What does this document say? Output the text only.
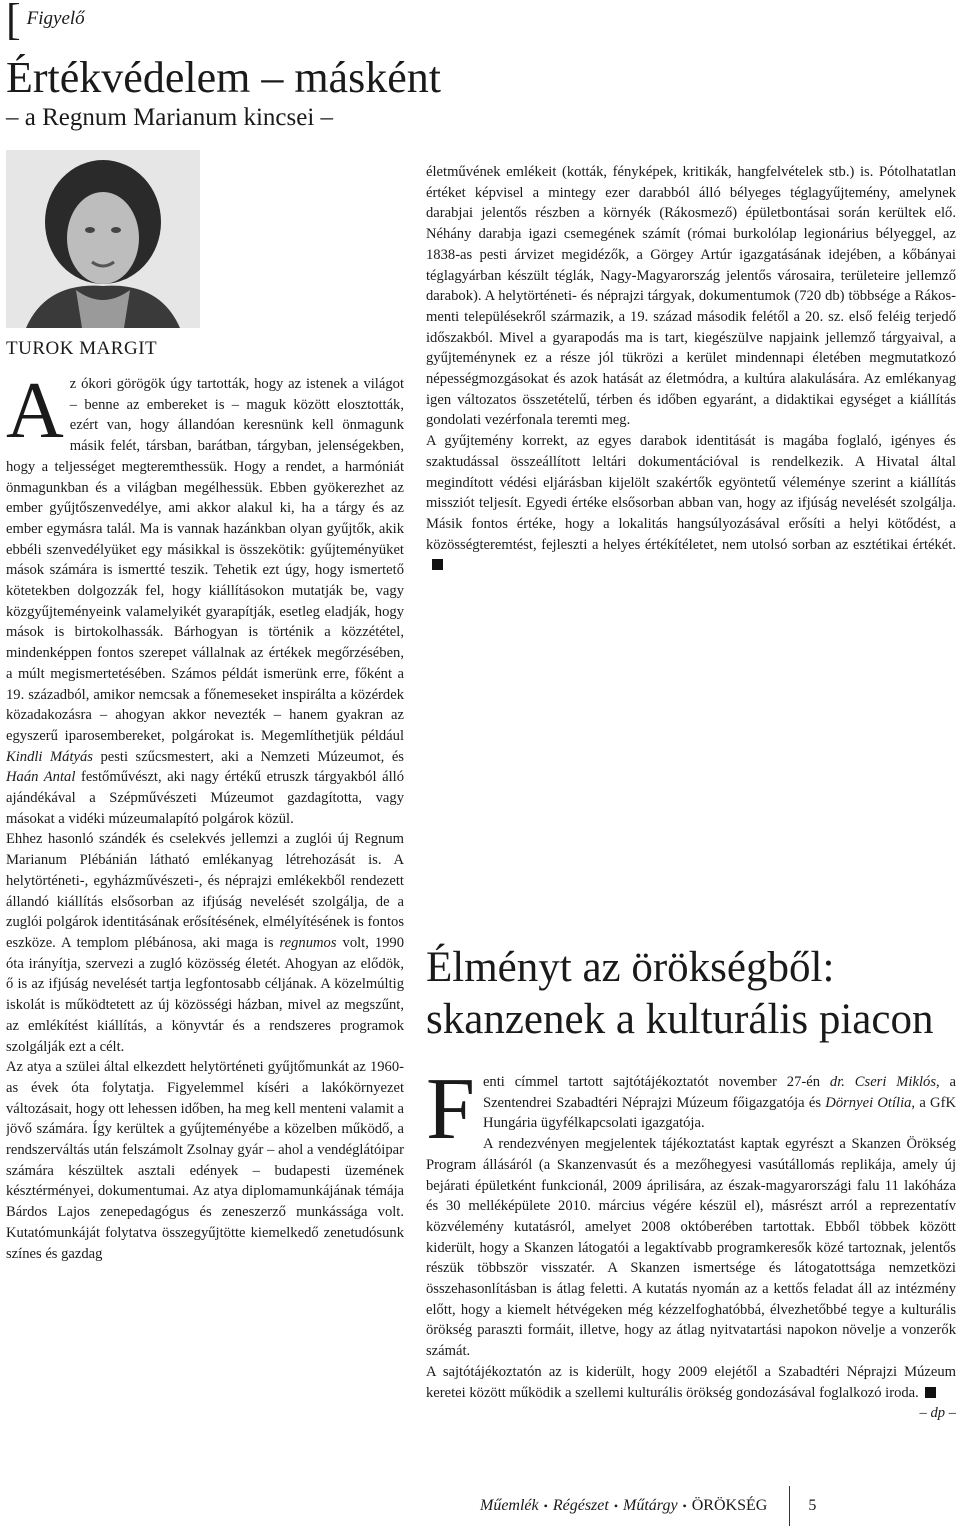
[ Figyelő
Értékvédelem – másként
– a Regnum Marianum kincsei –
TUROK MARGIT

Az ókori görögök úgy tartották, hogy az istenek a világot – benne az embereket is – maguk között elosztották, ezért van, hogy állandóan keresnünk kell önmagunk másik felét, társban, barátban, tárgyban, jelenségekben, hogy a teljességet megteremthessük. Hogy a rendet, a harmóniát önmagunkban és a világban megélhessük. Ebben gyökerezhet az ember gyűjtőszenvedélye, ami akkor alakul ki, ha a tárgy és az ember egymásra talál. Ma is vannak hazánkban olyan gyűjtők, akik ebbéli szenvedélyüket egy másikkal is összekötik: gyűjteményüket mások számára is ismertté teszik. Tehetik ezt úgy, hogy ismertető kötetekben dolgozzák fel, hogy kiállításokon mutatják be, vagy közgyűjteményeink valamelyikét gyarapítják, esetleg eladják, hogy mások is birtokolhassák. Bárhogyan is történik a közzététel, mindenképpen fontos szerepet vállalnak az értékek megőrzésében, a múlt megismertetésében. Számos példát ismerünk erre, főként a 19. századból, amikor nemcsak a főnemeseket inspirálta a közérdek közadakozásra – ahogyan akkor nevezték – hanem gyakran az egyszerű iparosembereket, polgárokat is. Megemlíthetjük például Kindli Mátyás pesti szűcsmestert, aki a Nemzeti Múzeumot, és Haán Antal festőművészt, aki nagy értékű etruszk tárgyakból álló ajándékával a Szépművészeti Múzeumot gazdagította, vagy másokat a vidéki múzeumalapító polgárok közül.

Ehhez hasonló szándék és cselekvés jellemzi a zuglói új Regnum Marianum Plébánián látható emlékanyag létrehozását is. A helytörténeti-, egyházművészeti-, és néprajzi emlékekből rendezett állandó kiállítás elsősorban az ifjúság nevelését szolgálja, de a zuglói polgárok identitásának erősítésének, elmélyítésének is fontos eszköze. A templom plébánosa, aki maga is regnumos volt, 1990 óta irányítja, szervezi a zugló közösség életét. Ahogyan az elődök, ő is az ifjúság nevelését tartja legfontosabb céljának. A közelmúltig iskolát is működtetett az új közösségi házban, mivel az megszűnt, az emlékítést kiállítás, a könyvtár és a rendszeres programok szolgálják ezt a célt.

Az atya a szülei által elkezdett helytörténeti gyűjtőmunkát az 1960-as évek óta folytatja. Figyelemmel kíséri a lakókörnyezet változásait, hogy ott lehessen időben, ha meg kell menteni valamit a jövő számára. Így kerültek a gyűjteményébe a közelben működő, a rendszerváltás után felszámolt Zsolnay gyár – ahol a vendéglátóipar számára készültek asztali edények – budapesti üzemének késztérményei, dokumentumai. Az atya diplomamunkájának témája Bárdos Lajos zenepedagógus és zeneszerző munkássága volt. Kutatómunkáját folytatva összegyűjtötte kiemelkedő zenetudósunk színes és gazdag

életművének emlékeit (kották, fényképek, kritikák, hangfelvételek stb.) is. Pótolhatatlan értéket képvisel a mintegy ezer darabból álló bélyeges téglagyűjtemény, amelynek darabjai jelentős részben a környék (Rákosmező) épületbontásai során kerültek elő. Néhány darabja igazi csemegének számít (római burkolólap legionárius bélyeggel, az 1838-as pesti árvizet megidézők, a Görgey Artúr igazgatásának idejében, a kőbányai téglagyárban készült téglák, Nagy-Magyarország jelentős városaira, területeire jellemző darabok). A helytörténeti- és néprajzi tárgyak, dokumentumok (720 db) többsége a Rákos-menti településekről származik, a 19. század második felétől a 20. sz. első feléig terjedő időszakból. Mivel a gyarapodás ma is tart, kiegészülve napjaink jellemző tárgyaival, a gyűjteménynek ez a része jól tükrözi a kerület mindennapi életében megmutatkozó népességmozgásokat és azok hatását az életmódra, a kultúra alakulására. Az emlékanyag igen változatos összetételű, térben és időben egyaránt, a didaktikai egységet a kiállítás gondolati vezérfonala teremti meg.

A gyűjtemény korrekt, az egyes darabok identitását is magába foglaló, igényes és szaktudással összeállított leltári dokumentációval is rendelkezik. A Hivatal által megindított védési eljárásban kijelölt szakértők egyöntetű véleménye szerint a kiállítás missziót teljesít. Egyedi értéke elsősorban abban van, hogy az ifjúság nevelését szolgálja. Másik fontos értéke, hogy a lokalitás hangsúlyozásával erősíti a helyi kötődést, a közösségteremtést, fejleszti a helyes értékítéletet, nem utolsó sorban az esztétikai értékét.

Élményt az örökségből:
skanzenek a kulturális piacon

Fenti címmel tartott sajtótájékoztatót november 27-én dr. Cseri Miklós, a Szentendrei Szabadtéri Néprajzi Múzeum főigazgatója és Dörnyei Otília, a GfK Hungária ügyfélkapcsolati igazgatója.

A rendezvényen megjelentek tájékoztatást kaptak egyrészt a Skanzen Örökség Program állásáról (a Skanzenvasút és a mezőhegyesi vasútállomás replikája, amely új bejárati épületként funkcionál, 2009 áprilisára, az észak-magyarországi falu 11 lakóháza és 30 melléképülete 2010. március végére készül el), másrészt arról a reprezentatív közvélemény kutatásról, amelyet 2008 októberében tartottak. Ebből többek között kiderült, hogy a Skanzen látogatói a legaktívabb programkeresők közé tartoznak, jelentős részük többször visszatér. A Skanzen ismertsége és látogatottsága nemzetközi összehasonlításban is átlag feletti. A kutatás nyomán az a kettős feladat áll az intézmény előtt, hogy a kiemelt hétvégeken még kézzelfoghatóbbá, élvezhetőbbé tegye a kulturális örökség paraszti formáit, illetve, hogy az átlag nyitvatartási napokon növelje a vonzerők számát.

A sajtótájékoztatón az is kiderült, hogy 2009 elejétől a Szabadtéri Néprajzi Múzeum keretei között működik a szellemi kulturális örökség gondozásával foglalkozó iroda.
– dp –

Műemlék • Régészet • Műtárgy • ÖRÖKSÉG	5
